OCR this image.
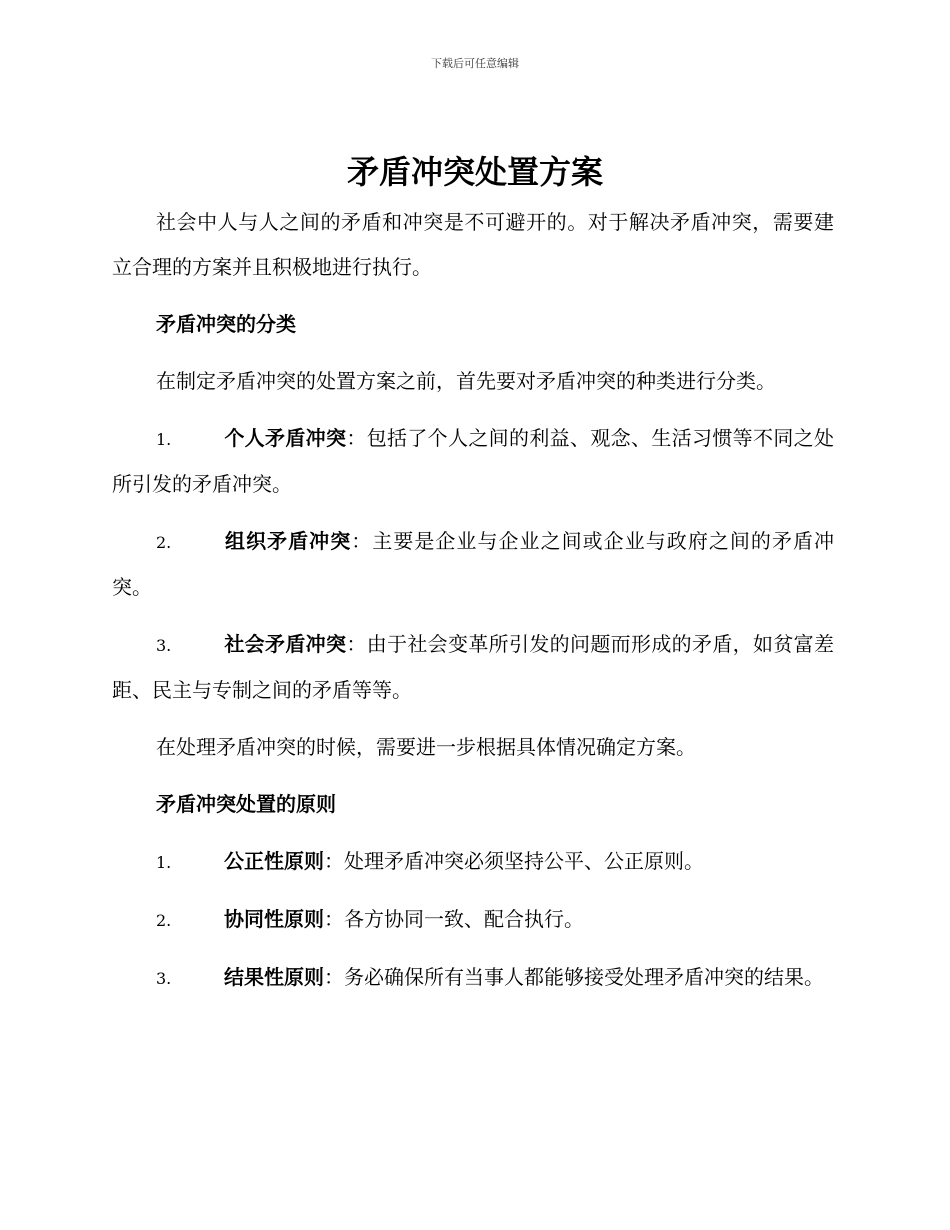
下载后可任意编辑
矛盾冲突处置方案

社会中人与人之间的矛盾和冲突是不可避开的。对于解决矛盾冲突，需要建立合理的方案并且积极地进行执行。

矛盾冲突的分类

在制定矛盾冲突的处置方案之前，首先要对矛盾冲突的种类进行分类。

1.	个人矛盾冲突：包括了个人之间的利益、观念、生活习惯等不同之处所引发的矛盾冲突。

2.	组织矛盾冲突：主要是企业与企业之间或企业与政府之间的矛盾冲突。

3.	社会矛盾冲突：由于社会变革所引发的问题而形成的矛盾，如贫富差距、民主与专制之间的矛盾等等。

在处理矛盾冲突的时候，需要进一步根据具体情况确定方案。

矛盾冲突处置的原则

1.	公正性原则：处理矛盾冲突必须坚持公平、公正原则。

2.	协同性原则：各方协同一致、配合执行。

3.	结果性原则：务必确保所有当事人都能够接受处理矛盾冲突的结果。
